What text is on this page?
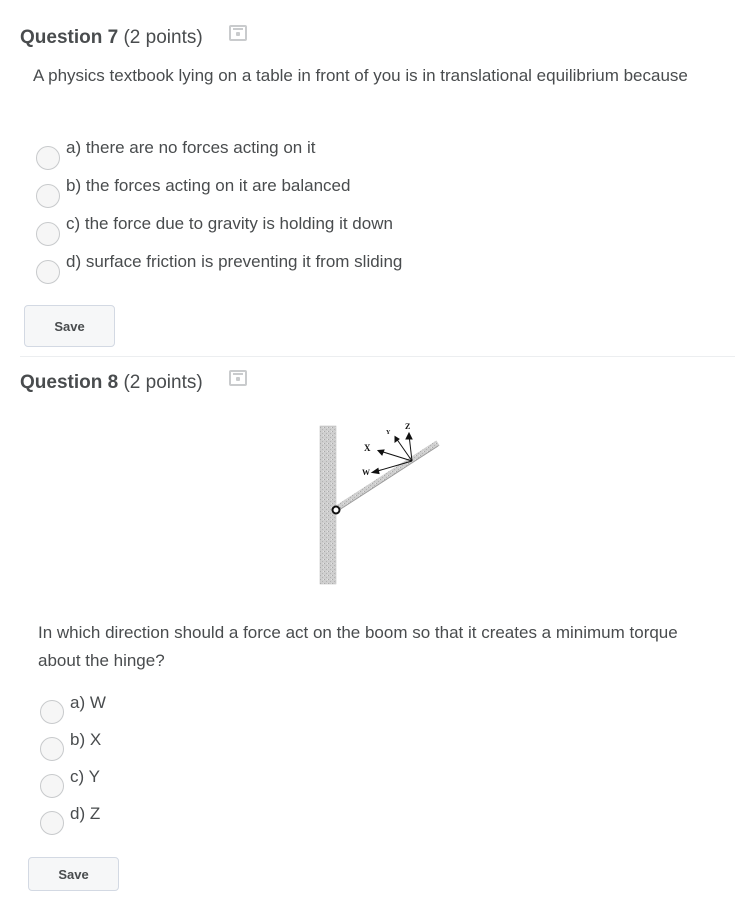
Question 7 (2 points)
A physics textbook lying on a table in front of you is in translational equilibrium because
a) there are no forces acting on it
b) the forces acting on it are balanced
c) the force due to gravity is holding it down
d) surface friction is preventing it from sliding
Save
Question 8 (2 points)
X
Y
Z
W
In which direction should a force act on the boom so that it creates a minimum torque about the hinge?
a) W
b) X
c) Y
d) Z
Save
